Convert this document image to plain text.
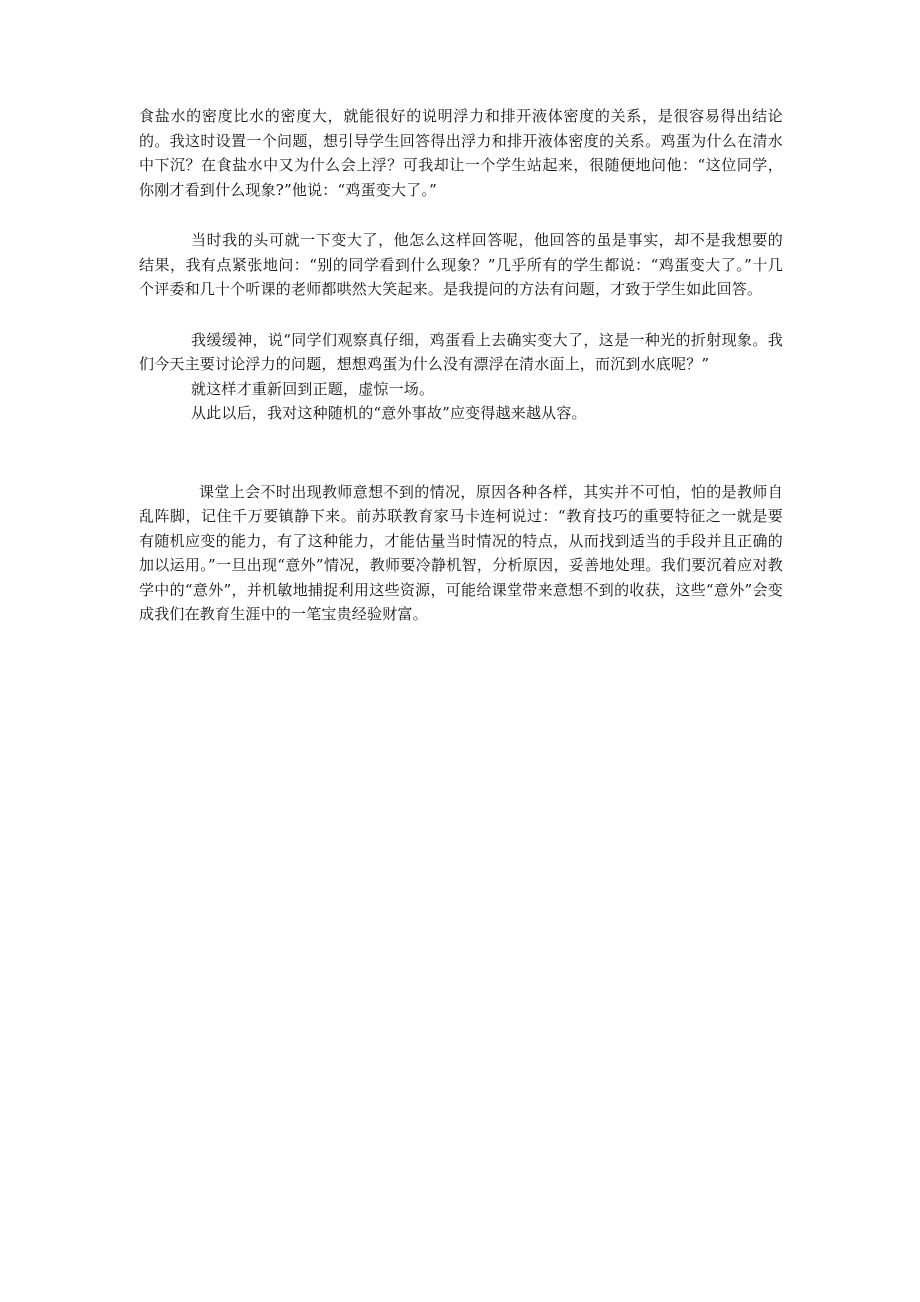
食盐水的密度比水的密度大，就能很好的说明浮力和排开液体密度的关系，是很容易得出结论的。我这时设置一个问题，想引导学生回答得出浮力和排开液体密度的关系。鸡蛋为什么在清水中下沉？在食盐水中又为什么会上浮？可我却让一个学生站起来，很随便地问他：“这位同学，你刚才看到什么现象?”他说：“鸡蛋变大了。”

当时我的头可就一下变大了，他怎么这样回答呢，他回答的虽是事实，却不是我想要的结果，我有点紧张地问：“别的同学看到什么现象？”几乎所有的学生都说：“鸡蛋变大了。”十几个评委和几十个听课的老师都哄然大笑起来。是我提问的方法有问题，才致于学生如此回答。

我缓缓神，说“同学们观察真仔细，鸡蛋看上去确实变大了，这是一种光的折射现象。我们今天主要讨论浮力的问题，想想鸡蛋为什么没有漂浮在清水面上，而沉到水底呢？”

就这样才重新回到正题，虚惊一场。

从此以后，我对这种随机的“意外事故”应变得越来越从容。

课堂上会不时出现教师意想不到的情况，原因各种各样，其实并不可怕，怕的是教师自乱阵脚，记住千万要镇静下来。前苏联教育家马卡连柯说过：“教育技巧的重要特征之一就是要有随机应变的能力，有了这种能力，才能估量当时情况的特点，从而找到适当的手段并且正确的加以运用。”一旦出现“意外”情况，教师要冷静机智，分析原因，妥善地处理。我们要沉着应对教学中的“意外”，并机敏地捕捉利用这些资源，可能给课堂带来意想不到的收获，这些“意外”会变成我们在教育生涯中的一笔宝贵经验财富。
